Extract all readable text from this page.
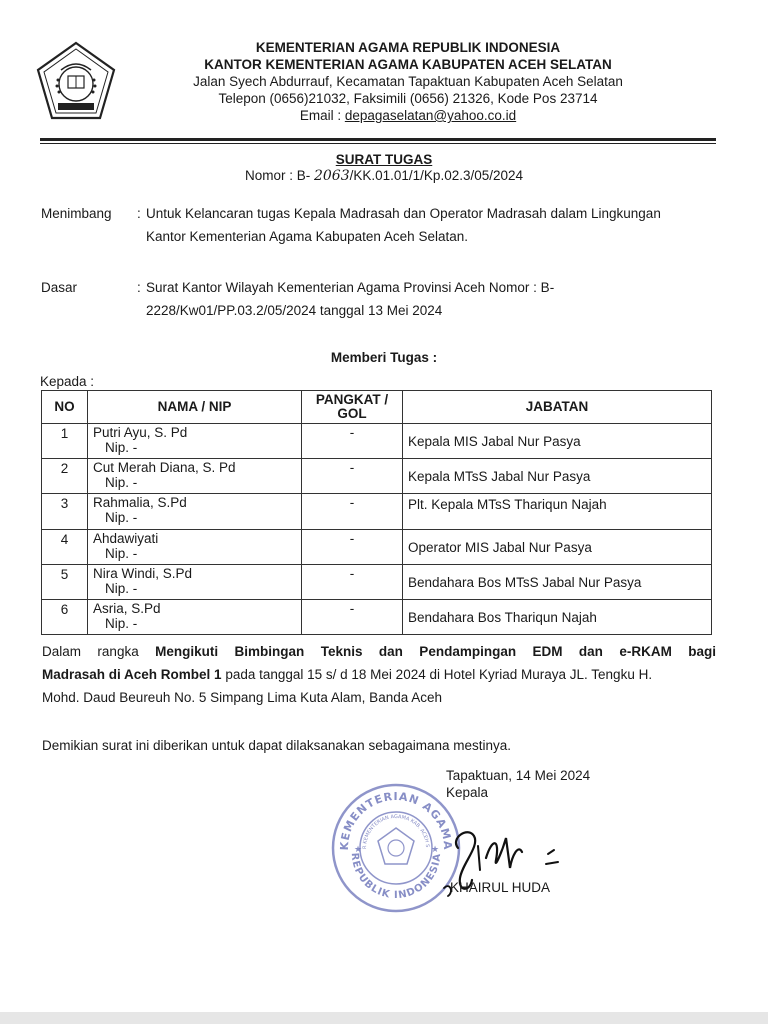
KEMENTERIAN AGAMA REPUBLIK INDONESIA
KANTOR KEMENTERIAN AGAMA KABUPATEN ACEH SELATAN
Jalan Syech Abdurrauf, Kecamatan Tapaktuan Kabupaten Aceh Selatan
Telepon (0656)21032, Faksimili (0656) 21326, Kode Pos 23714
Email : depagaselatan@yahoo.co.id
SURAT TUGAS
Nomor : B- 2063/KK.01.01/1/Kp.02.3/05/2024
Menimbang : Untuk Kelancaran tugas Kepala Madrasah dan Operator Madrasah dalam Lingkungan
Kantor Kementerian Agama Kabupaten Aceh Selatan.
Dasar	: Surat Kantor Wilayah Kementerian Agama Provinsi Aceh Nomor : B-
2228/Kw01/PP.03.2/05/2024 tanggal 13 Mei 2024
Memberi Tugas :
Kepada :
NO	NAMA / NIP	PANGKAT /
GOL	JABATAN
1	Putri Ayu, S. Pd
Nip. -	-	Kepala MIS Jabal Nur Pasya
2	Cut Merah Diana, S. Pd
Nip. -	-	Kepala MTsS Jabal Nur Pasya
3	Rahmalia, S.Pd
Nip. -	-	Plt. Kepala MTsS Thariqun Najah
4	Ahdawiyati
Nip. -	-	Operator MIS Jabal Nur Pasya
5	Nira Windi, S.Pd
Nip. -	-	Bendahara Bos MTsS Jabal Nur Pasya
6	Asria, S.Pd
Nip. -	-	Bendahara Bos Thariqun Najah
Dalam rangka Mengikuti Bimbingan Teknis dan Pendampingan EDM dan e-RKAM bagi
Madrasah di Aceh Rombel 1 pada tanggal 15 s/ d 18 Mei 2024 di Hotel Kyriad Muraya JL. Tengku H.
Mohd. Daud Beureuh No. 5 Simpang Lima Kuta Alam, Banda Aceh
Demikian surat ini diberikan untuk dapat dilaksanakan sebagaimana mestinya.
Tapaktuan, 14 Mei 2024
Kepala
KEMENTERIAN AGAMA
REPUBLIK INDONESIA
R KEMENTERIAN AGAMA KAB. ACEH S
★	★
KHAIRUL HUDA
